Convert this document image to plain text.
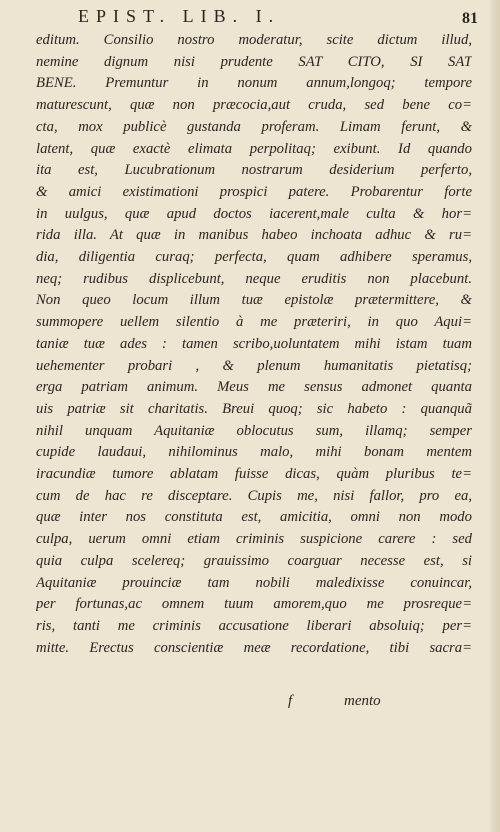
EPIST. LIB. I.	81
editum. Consilio nostro moderatur, scite dictum illud,
nemine dignum nisi prudente SAT CITO, SI SAT
BENE. Premuntur in nonum annum,longoq; tempore
maturescunt, quæ non præcocia,aut cruda, sed bene co=
cta, mox publicè gustanda proferam. Limam ferunt, &
latent, quæ exactè elimata perpolitaq; exibunt. Id quando
ita est, Lucubrationum nostrarum desiderium perferto,
& amici existimationi prospici patere. Probarentur forte
in uulgus, quæ apud doctos iacerent,male culta & hor=
rida illa. At quæ in manibus habeo inchoata adhuc & ru=
dia, diligentia curaq; perfecta, quam adhibere speramus,
neq; rudibus displicebunt, neque eruditis non placebunt.
Non queo locum illum tuæ epistolæ prætermittere, &
summopere uellem silentio à me præteriri, in quo Aqui=
taniæ tuæ ades : tamen scribo,uoluntatem mihi istam tuam
uehementer probari , & plenum humanitatis pietatisq;
erga patriam animum. Meus me sensus admonet quanta
uis patriæ sit charitatis. Breui quoq; sic habeto : quanquã
nihil unquam Aquitaniæ oblocutus sum, illamq; semper
cupide laudaui, nihilominus malo, mihi bonam mentem
iracundiæ tumore ablatam fuisse dicas, quàm pluribus te=
cum de hac re disceptare. Cupis me, nisi fallor, pro ea,
quæ inter nos constituta est, amicitia, omni non modo
culpa, uerum omni etiam criminis suspicione carere : sed
quia culpa scelereq; grauissimo coarguar necesse est, si
Aquitaniæ prouinciæ tam nobili maledixisse conuincar,
per fortunas,ac omnem tuum amorem,quo me prosreque=
ris, tanti me criminis accusatione liberari absoluiq; per=
mitte. Erectus conscientiæ meæ recordatione, tibi sacra=
f	mento
